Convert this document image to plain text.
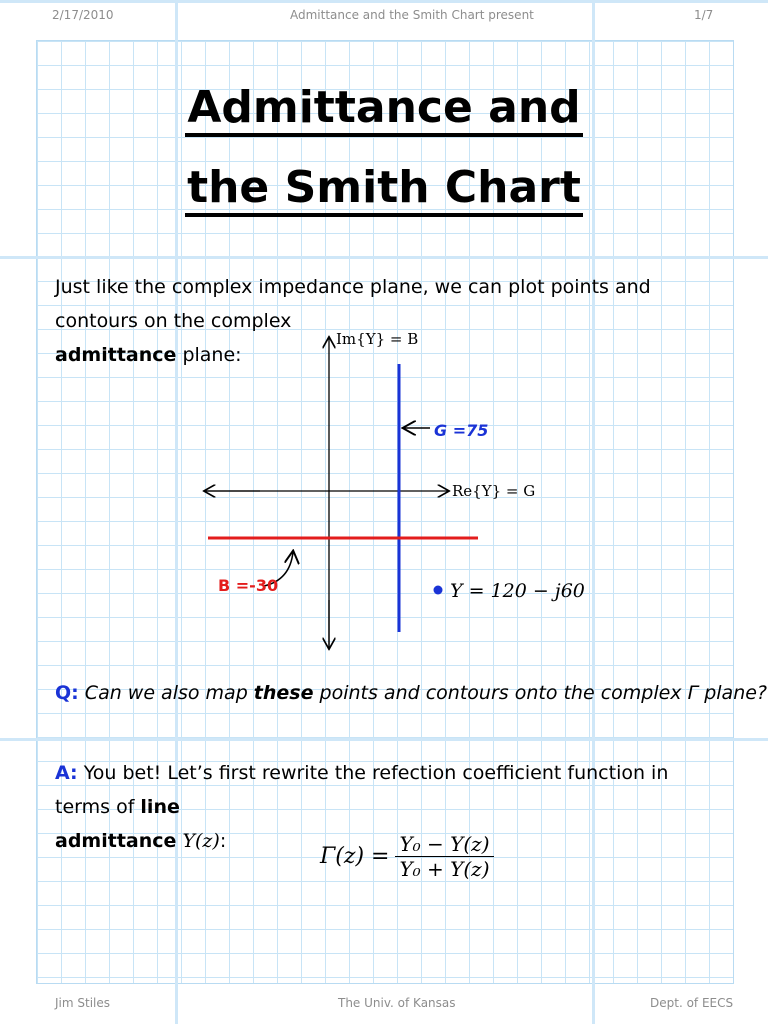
2/17/2010	Admittance and the Smith Chart present	1/7
Admittance and
the Smith Chart
Just like the complex impedance plane, we can plot points and contours on the complex
admittance plane:
Im{Y} = B
Re{Y} = G
G =75
B =-30	Y = 120 − j60
Q: Can we also map these points and contours onto the complex Γ plane?
A: You bet! Let’s first rewrite the refection coefficient function in terms of line
admittance Y(z):
$\Gamma(z) = \frac{\text{Y₀ − Y(z)}}{\text{Y₀ + Y(z)}}$
Jim Stiles	The Univ. of Kansas	Dept. of EECS
